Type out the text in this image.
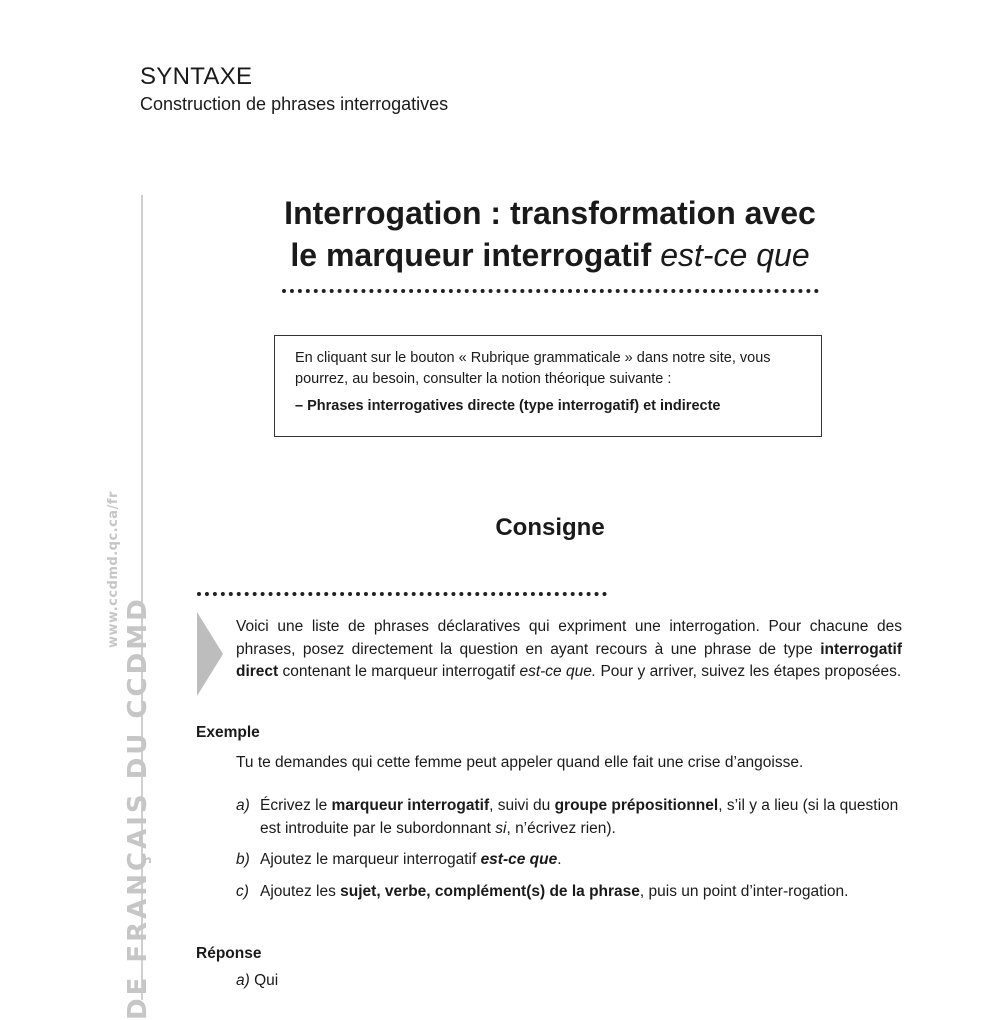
SYNTAXE
Construction de phrases interrogatives
www.ccdmd.qc.ca/fr
DE FRANÇAIS DU CCDMD
Interrogation : transformation avec
le marqueur interrogatif est-ce que
En cliquant sur le bouton « Rubrique grammaticale » dans notre site, vous pourrez, au besoin, consulter la notion théorique suivante :
– Phrases interrogatives directe (type interrogatif) et indirecte
Consigne
Voici une liste de phrases déclaratives qui expriment une interrogation. Pour chacune des phrases, posez directement la question en ayant recours à une phrase de type interrogatif direct contenant le marqueur interrogatif est-ce que. Pour y arriver, suivez les étapes proposées.
Exemple
Tu te demandes qui cette femme peut appeler quand elle fait une crise d’angoisse.
a) Écrivez le marqueur interrogatif, suivi du groupe prépositionnel, s’il y a lieu (si la question est introduite par le subordonnant si, n’écrivez rien).
b) Ajoutez le marqueur interrogatif est-ce que.
c) Ajoutez les sujet, verbe, complément(s) de la phrase, puis un point d’inter-rogation.
Réponse
a) Qui
